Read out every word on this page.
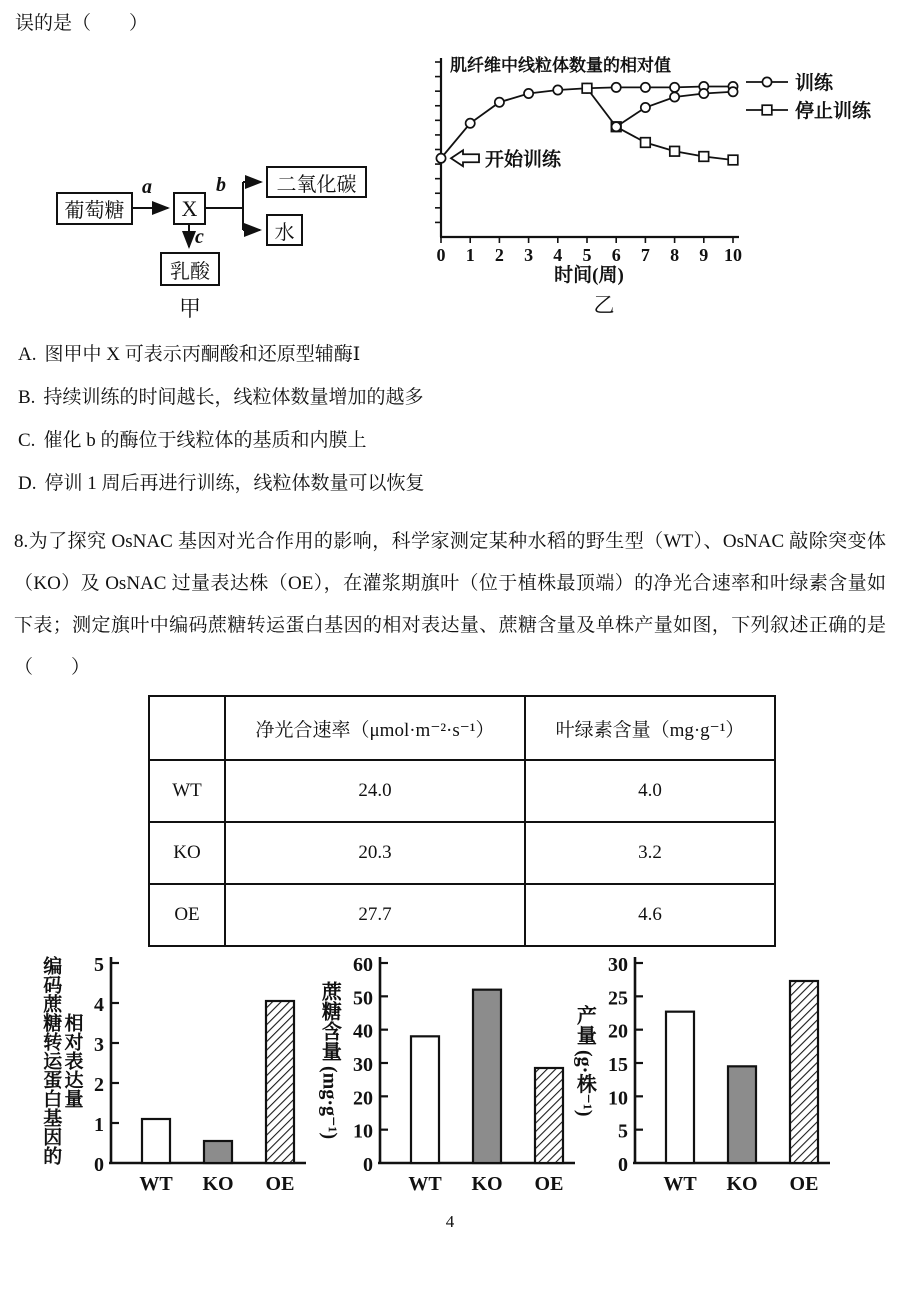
误的是（　　）
葡萄糖	X
二氧化碳
水
乳酸
a	b
c
甲
0 1 2 3 4 5 6 7 8 9 10
肌纤维中线粒体数量的相对值
训练
停止训练
开始训练
时间(周)
乙
A. 图甲中 X 可表示丙酮酸和还原型辅酶Ⅰ
B. 持续训练的时间越长，线粒体数量增加的越多
C. 催化 b 的酶位于线粒体的基质和内膜上
D. 停训 1 周后再进行训练，线粒体数量可以恢复
8.为了探究 OsNAC 基因对光合作用的影响，科学家测定某种水稻的野生型（WT）、OsNAC 敲除突变体（KO）及 OsNAC 过量表达株（OE），在灌浆期旗叶（位于植株最顶端）的净光合速率和叶绿素含量如下表；测定旗叶中编码蔗糖转运蛋白基因的相对表达量、蔗糖含量及单株产量如图，下列叙述正确的是（　　）
	净光合速率（μmol·m⁻²·s⁻¹）	叶绿素含量（mg·g⁻¹）
WT	24.0	4.0
KO	20.3	3.2
OE	27.7	4.6
编码蔗糖转运蛋白基因的
相对表达量
0
1
2
3
4
5
WT KO OE
蔗糖含量 (mg·g⁻¹)
0
10
20
30
40
50
60
WT KO OE
产量 (g·株⁻¹)
0
5
10
15
20
25
30
WT KO OE
4
